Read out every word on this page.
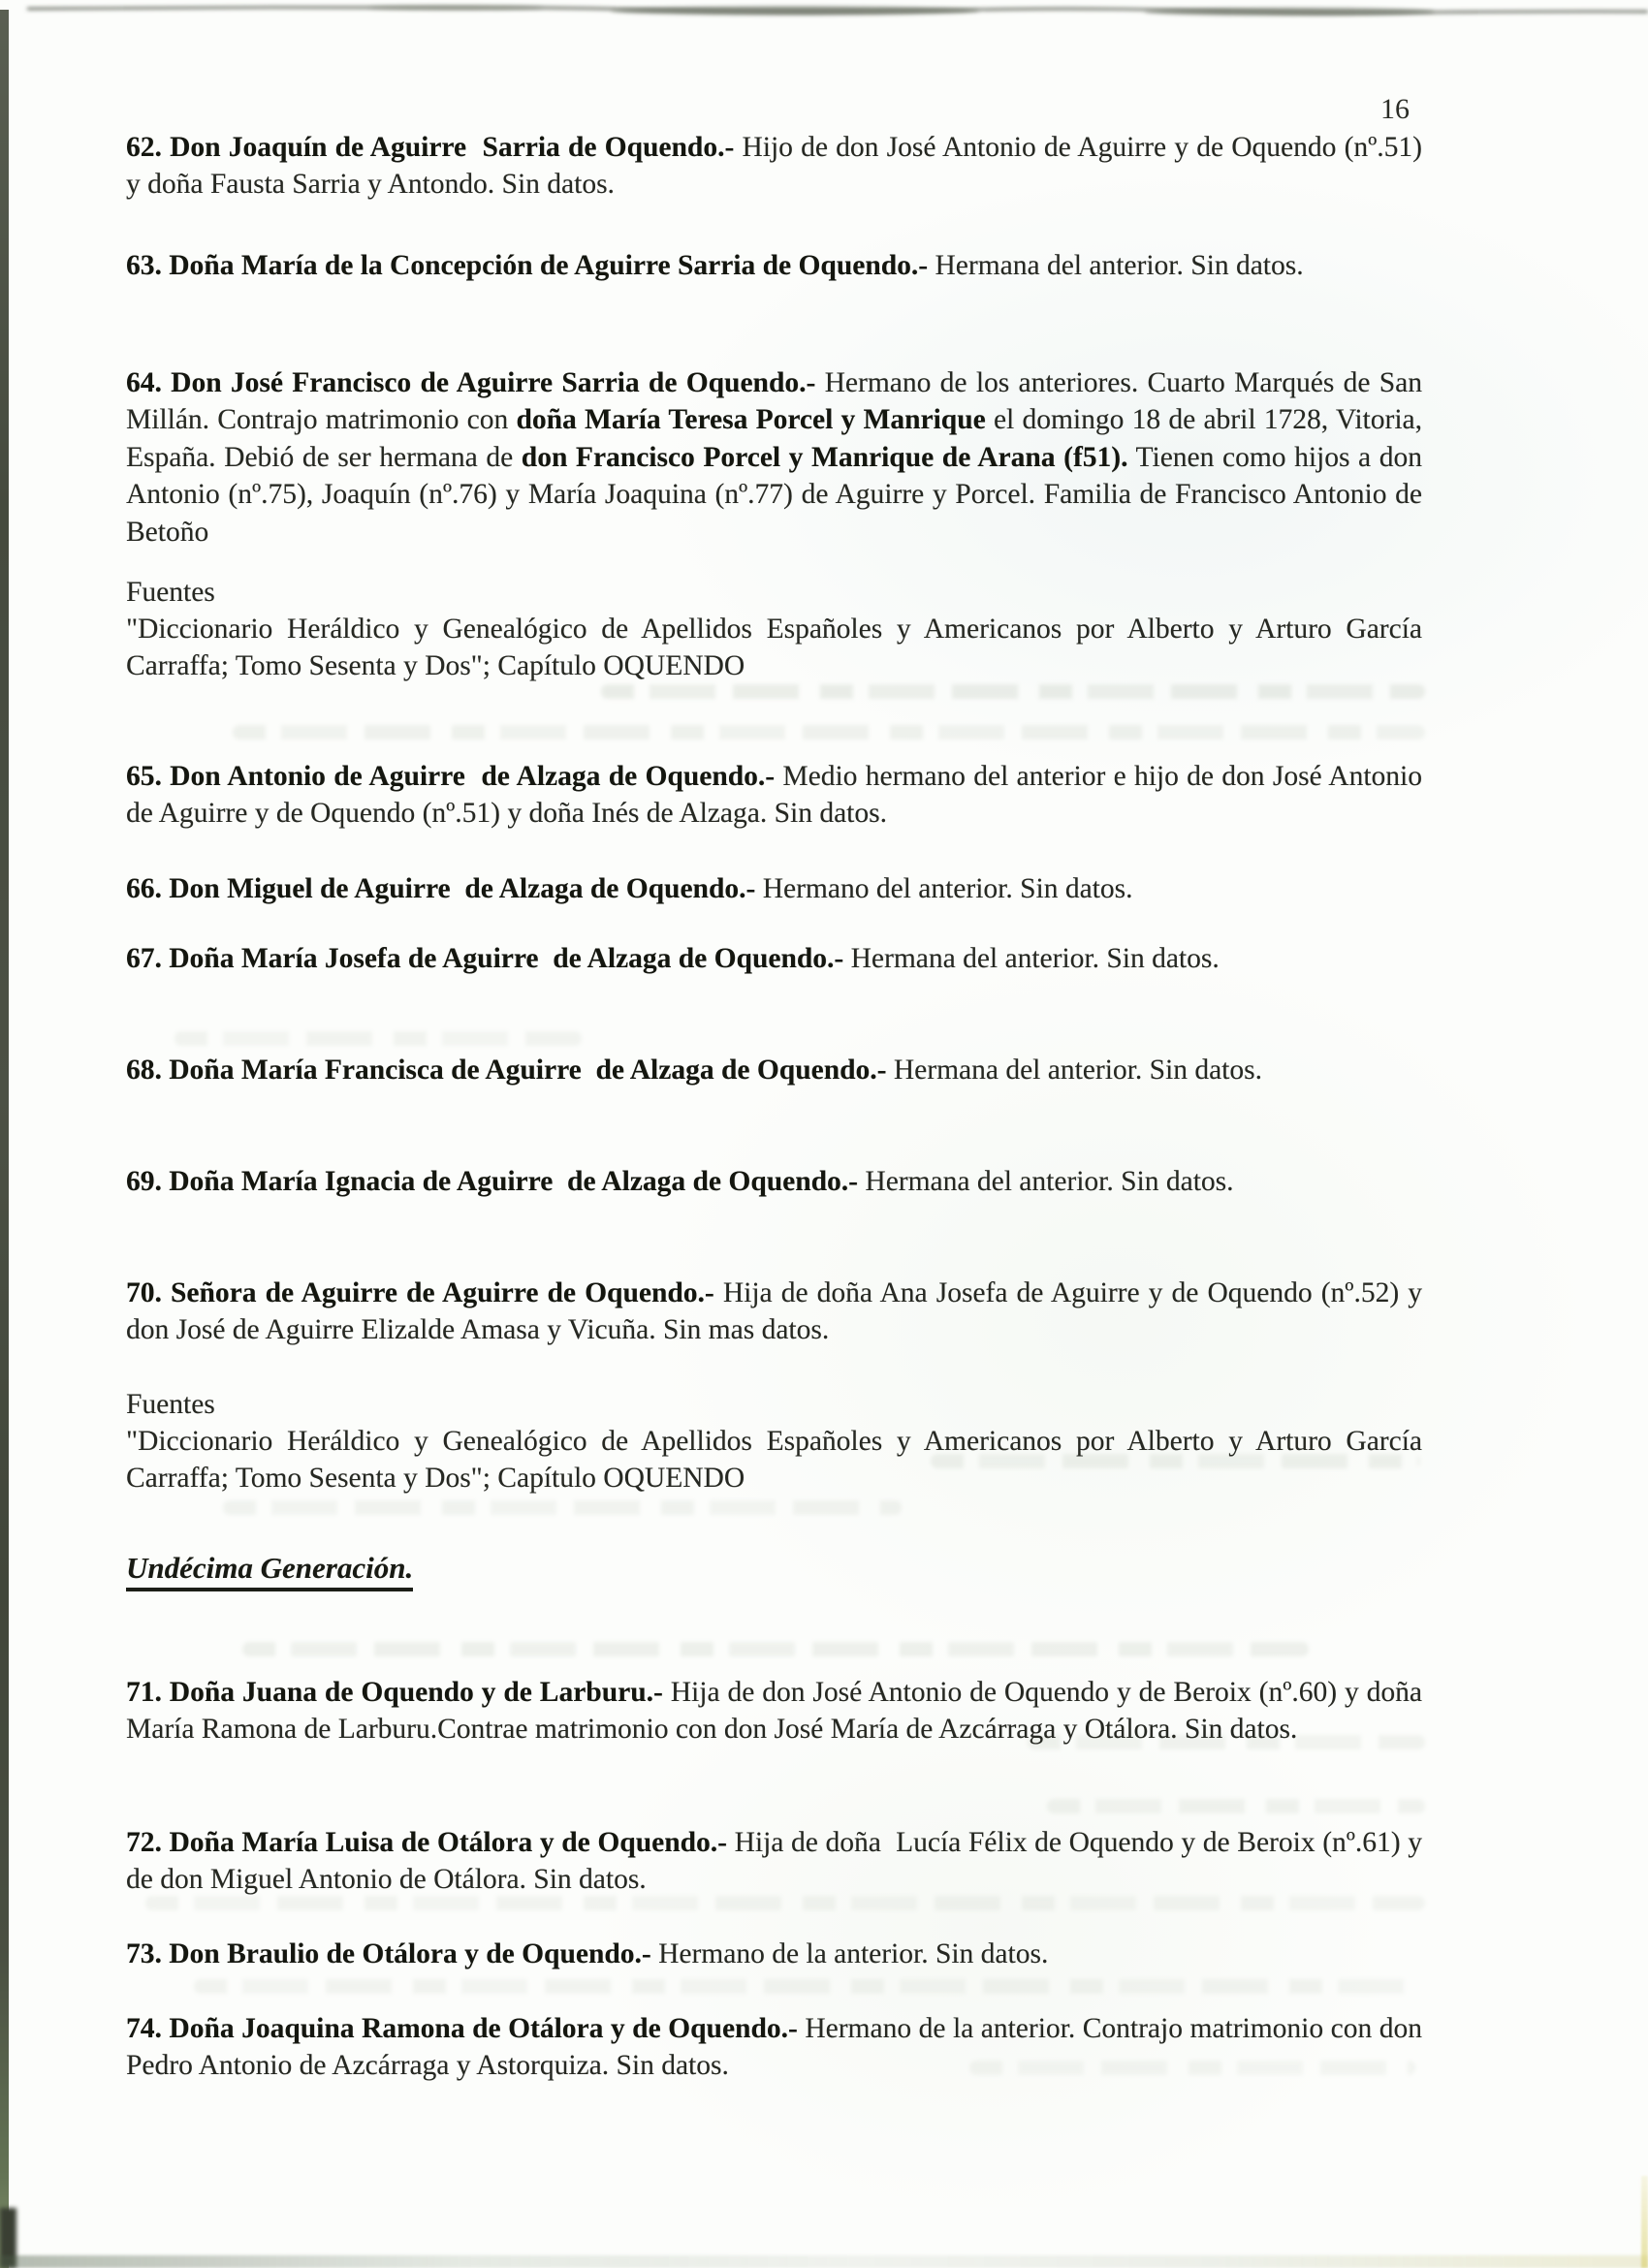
16

62. Don Joaquín de Aguirre  Sarria de Oquendo.- Hijo de don José Antonio de Aguirre y de Oquendo (nº.51) y doña Fausta Sarria y Antondo. Sin datos.

63. Doña María de la Concepción de Aguirre Sarria de Oquendo.- Hermana del anterior. Sin datos.

64. Don José Francisco de Aguirre Sarria de Oquendo.- Hermano de los anteriores. Cuarto Marqués de San Millán. Contrajo matrimonio con doña María Teresa Porcel y Manrique el domingo 18 de abril 1728, Vitoria, España. Debió de ser hermana de don Francisco Porcel y Manrique de Arana (f51). Tienen como hijos a don Antonio (nº.75), Joaquín (nº.76) y María Joaquina (nº.77) de Aguirre y Porcel. Familia de Francisco Antonio de Betoño

Fuentes

"Diccionario Heráldico y Genealógico de Apellidos Españoles y Americanos por Alberto y Arturo García Carraffa; Tomo Sesenta y Dos"; Capítulo OQUENDO

65. Don Antonio de Aguirre  de Alzaga de Oquendo.- Medio hermano del anterior e hijo de don José Antonio de Aguirre y de Oquendo (nº.51) y doña Inés de Alzaga. Sin datos.

66. Don Miguel de Aguirre  de Alzaga de Oquendo.- Hermano del anterior. Sin datos.

67. Doña María Josefa de Aguirre  de Alzaga de Oquendo.- Hermana del anterior. Sin datos.

68. Doña María Francisca de Aguirre  de Alzaga de Oquendo.- Hermana del anterior. Sin datos.

69. Doña María Ignacia de Aguirre  de Alzaga de Oquendo.- Hermana del anterior. Sin datos.

70. Señora de Aguirre de Aguirre de Oquendo.- Hija de doña Ana Josefa de Aguirre y de Oquendo (nº.52) y don José de Aguirre Elizalde Amasa y Vicuña. Sin mas datos.

Fuentes

"Diccionario Heráldico y Genealógico de Apellidos Españoles y Americanos por Alberto y Arturo García Carraffa; Tomo Sesenta y Dos"; Capítulo OQUENDO

Undécima Generación.

71. Doña Juana de Oquendo y de Larburu.- Hija de don José Antonio de Oquendo y de Beroix (nº.60) y doña María Ramona de Larburu.Contrae matrimonio con don José María de Azcárraga y Otálora. Sin datos.

72. Doña María Luisa de Otálora y de Oquendo.- Hija de doña  Lucía Félix de Oquendo y de Beroix (nº.61) y de don Miguel Antonio de Otálora. Sin datos.

73. Don Braulio de Otálora y de Oquendo.- Hermano de la anterior. Sin datos.

74. Doña Joaquina Ramona de Otálora y de Oquendo.- Hermano de la anterior. Contrajo matrimonio con don Pedro Antonio de Azcárraga y Astorquiza. Sin datos.
